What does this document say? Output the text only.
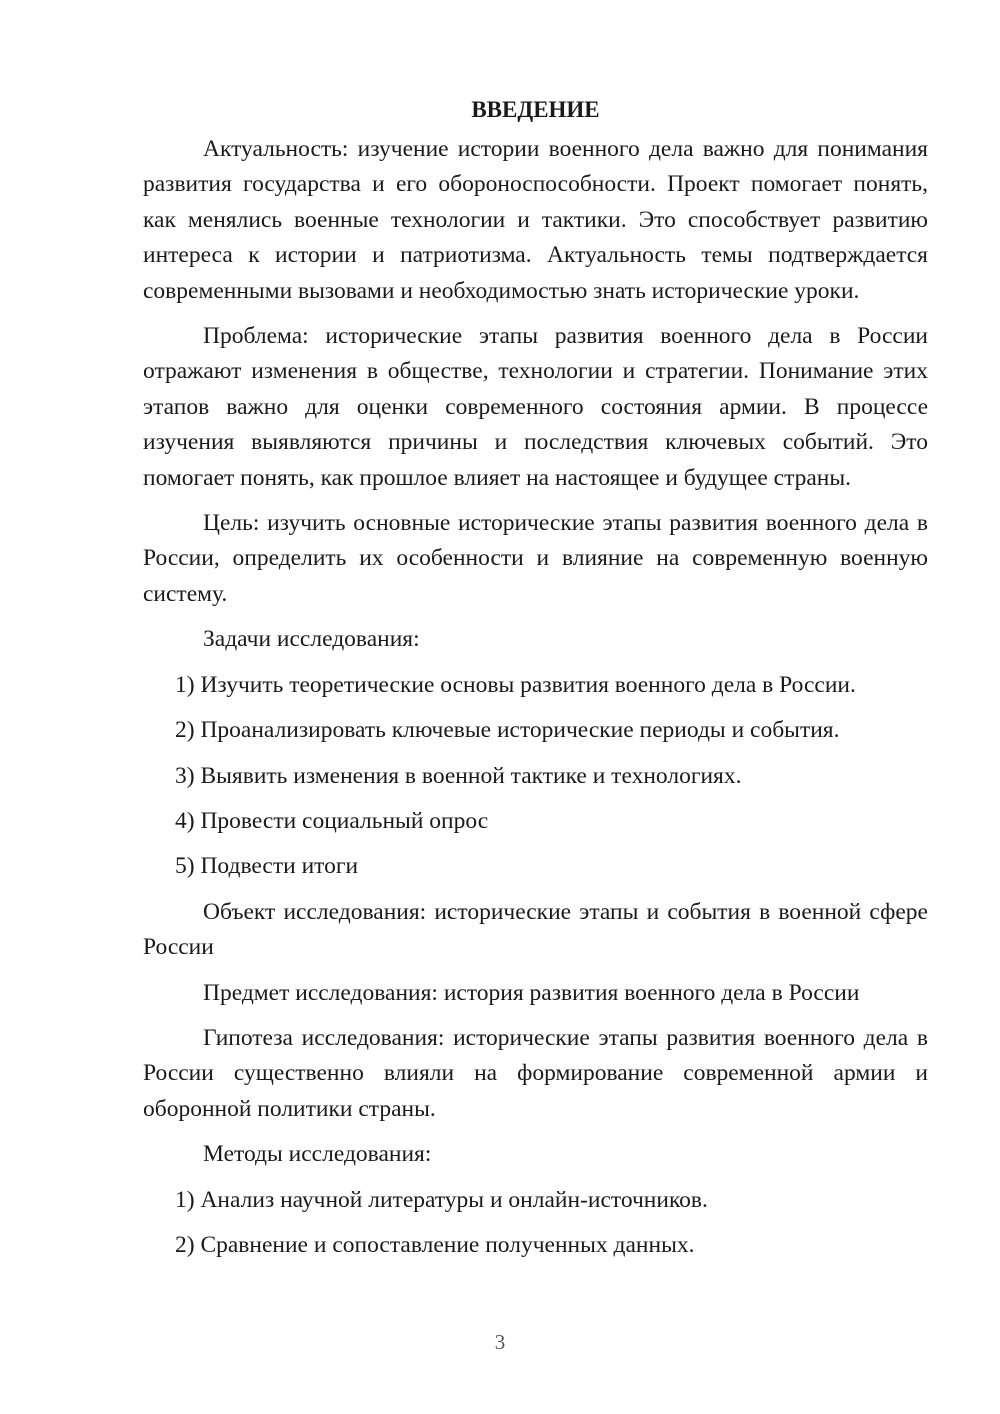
ВВЕДЕНИЕ

Актуальность: изучение истории военного дела важно для понимания развития государства и его обороноспособности. Проект помогает понять, как менялись военные технологии и тактики. Это способствует развитию интереса к истории и патриотизма. Актуальность темы подтверждается современными вызовами и необходимостью знать исторические уроки.

Проблема: исторические этапы развития военного дела в России отражают изменения в обществе, технологии и стратегии. Понимание этих этапов важно для оценки современного состояния армии. В процессе изучения выявляются причины и последствия ключевых событий. Это помогает понять, как прошлое влияет на настоящее и будущее страны.

Цель: изучить основные исторические этапы развития военного дела в России, определить их особенности и влияние на современную военную систему.

Задачи исследования:

1) Изучить теоретические основы развития военного дела в России.

2) Проанализировать ключевые исторические периоды и события.

3) Выявить изменения в военной тактике и технологиях.

4) Провести социальный опрос

5) Подвести итоги

Объект исследования: исторические этапы и события в военной сфере России

Предмет исследования: история развития военного дела в России

Гипотеза исследования: исторические этапы развития военного дела в России существенно влияли на формирование современной армии и оборонной политики страны.

Методы исследования:

1) Анализ научной литературы и онлайн-источников.

2) Сравнение и сопоставление полученных данных.

3
